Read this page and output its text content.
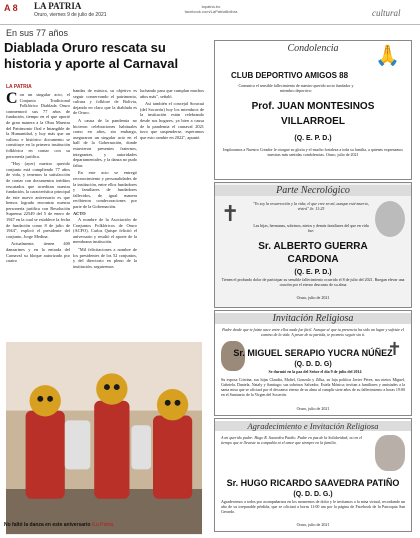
A 8 LA PATRIA
Oruro, viernes 9 de julio de 2021
lapatria.bo
facebook.com/LaPatriaBolivia	cultural
En sus 77 años
Diablada Oruro rescata su historia y aporte al Carnaval
LA PATRIA
C on un singular acto, el Conjunto Tradicional Folklórico Diablada Oruro conmemoró sus 77 años de fundación, tiempo en el que aportó de gran manera a la Obra Maestra del Patrimonio Oral e Intangible de la Humanidad, y hoy más que un valioso e histórico documento se constituye en la primera institución folklórica en contar con su personería jurídica.
"Hoy (ayer) nuestro querido conjunto está cumpliendo 77 años de vida, y tenemos la satisfacción de contar con documentos inéditos rescatados que acreditan nuestra fundación, la característica principal de este nuevo aniversario es que hemos logrado encontrar nuestra personería jurídica con Resolución Suprema 22549 del 5 de enero de 1947 en la cual se establece la fecha de fundación como 8 de julio de 1944", explicó el presidente del conjunto, Jorge Medina.
Actualmente, tienen 400 danzarines y en la entrada del Carnaval su bloque autorizado por cuatro
bandas de música, su objetivo es seguir conservando el patrimonio, cultura y folklore de Bolivia, dejando en claro que la diablada es de Oruro.
A causa de la pandemia no hicieron celebraciones habituales como en años, sin embargo, aseguraron un singular acto en el hall de la Gobernación, donde estuvieron presentes fraternos, integrantes, y autoridades departamentales, y la danza no pudo faltar.
En este acto se entregó reconocimiento y personalidades de la institución, entre ellos fundadores y familiares de fundadores fallecidos, de igual manera recibieron condecoraciones por parte de la Gobernación.
ACTO
A nombre de la Asociación de Conjuntos Folklóricos de Oruro (ACFO), Carlos Quispe felicitó el aniversario y resaltó el aporte de la membrana institución.
"Mil felicitaciones a nombre de los presidentes de los 52 conjuntos, y del directorio en pleno de la institución, seguiremos
luchando para que cumplan muchos años más", señaló.
Así también el concejal Soracuá (del Socavón) hoy los miembros de la institución están celebrando desde sus hogares, ya bien a causa de la pandemia el carnaval 2021 tuvo que suspenderse, esperamos que esto cambie en 2022", apuntó.
No faltó la danza en este aniversario /La Patria
Condolencia	🙏
CLUB DEPORTIVO AMIGOS 88
Comunica el sensible fallecimiento de nuestro querido socio fundador y miembro deportivo:
Prof. JUAN MONTESINOS
VILLARROEL
(Q. E. P. D.)
Imploramos a Nuestro Creador le otorgue su gloria y el mucho fortaleza a toda su familia, a quienes expresamos nuestras más sentidas condolencias. Oruro, julio de 2021
Parte Necrológico
✝	"Yo soy la resurrección y la vida; el que cree en mí, aunque esté muerto, vivirá" Jn. 11:25
Las hijas, hermanas, sobrinos, nietos y demás familiares del que en vida fue:
Sr. ALBERTO GUERRA
CARDONA
(Q. E. P. D.)
Tienen el profundo dolor de participar su sensible fallecimiento ocurrido el 8 de julio del 2021. Ruegan elevar una oración por el eterno descanso de su alma
Oruro, julio de 2021
Invitación Religiosa
Padre desde que te fuiste nace entre ellos nada fue fácil. Aunque sé que tu presencia ha sido un lugar y sufriste el camino de la vida. A pesar de tu partida, te prometo seguir sin ti.
✝
Sr. MIGUEL SERAPIO YUCRA NÚÑEZ
(Q. D. D. G)
Se durmió en la paz del Señor el día 9 de julio del 2014
Su esposa Cristina, sus hijas Claudia, Maltel, Gonzalo y Zilka, su hija política Javier Pérez, sus nietos Miguel, Gabriela, Daniela, Nataly y Santiago; sus sobrinos Salvador, Estela Mónica; invitan a familiares y amistades a la santa misa que se oficiará por el descanso eterno de su alma al cumplir siete años de su fallecimiento a horas 19:00 en el Santuario de la Virgen del Socavón.
Oruro, julio de 2021
Agradecimiento e Invitación Religiosa
A mi querido padre: Hugo R. Saavedra Patiño. Padre en paz de la Solidaridad; no en el tiempo que te llevaste tu compañía ni el amor que siempre en la familia.
Sr. HUGO RICARDO SAAVEDRA PATIÑO
(Q. D. D. G.)
Agradecemos a todos por acompañarnos en los momentos de dolor y le invitamos a la misa virtual, recordando un año de su irreparable pérdida, que se oficiará a horas 11:00 am por la página de Facebook de la Parroquia San Gerardo.
Oruro, julio de 2021
